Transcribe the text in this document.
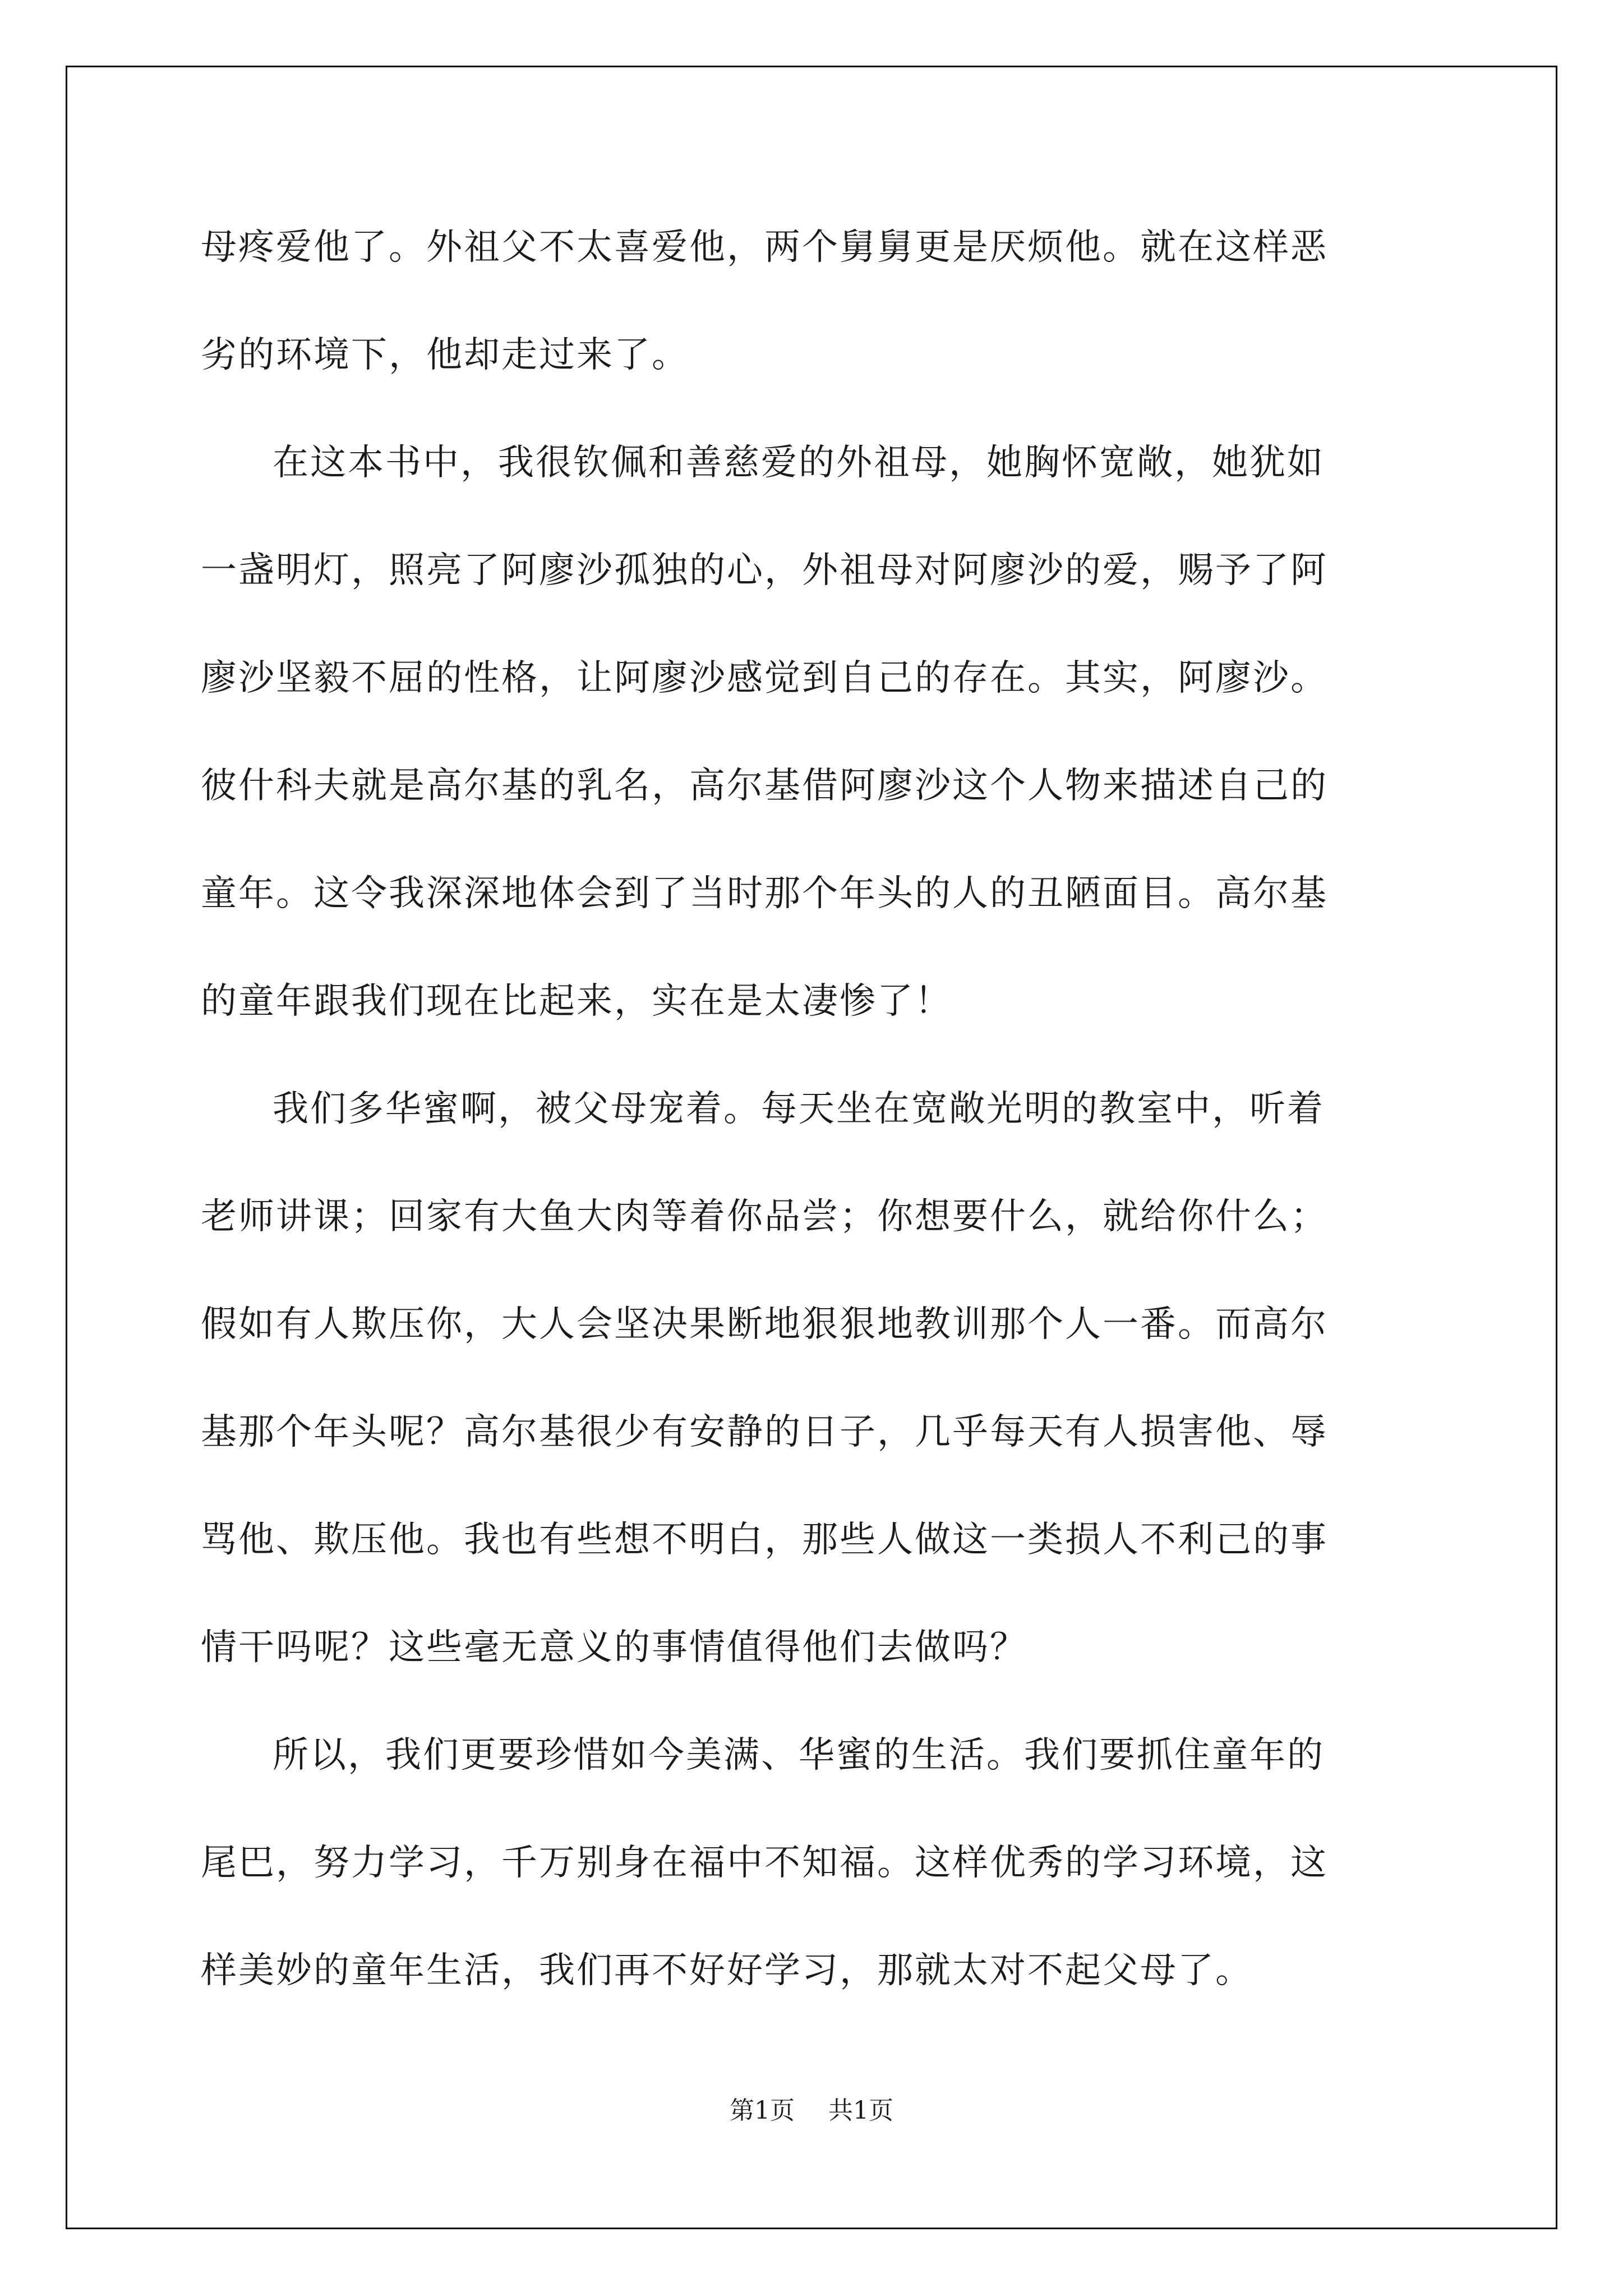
母疼爱他了。外祖父不太喜爱他，两个舅舅更是厌烦他。就在这样恶
劣的环境下，他却走过来了。
在这本书中，我很钦佩和善慈爱的外祖母，她胸怀宽敞，她犹如
一盏明灯，照亮了阿廖沙孤独的心，外祖母对阿廖沙的爱，赐予了阿
廖沙坚毅不屈的性格，让阿廖沙感觉到自己的存在。其实，阿廖沙。
彼什科夫就是高尔基的乳名，高尔基借阿廖沙这个人物来描述自己的
童年。这令我深深地体会到了当时那个年头的人的丑陋面目。高尔基
的童年跟我们现在比起来，实在是太凄惨了！
我们多华蜜啊，被父母宠着。每天坐在宽敞光明的教室中，听着
老师讲课；回家有大鱼大肉等着你品尝；你想要什么，就给你什么；
假如有人欺压你，大人会坚决果断地狠狠地教训那个人一番。而高尔
基那个年头呢？高尔基很少有安静的日子，几乎每天有人损害他、辱
骂他、欺压他。我也有些想不明白，那些人做这一类损人不利己的事
情干吗呢？这些毫无意义的事情值得他们去做吗？
所以，我们更要珍惜如今美满、华蜜的生活。我们要抓住童年的
尾巴，努力学习，千万别身在福中不知福。这样优秀的学习环境，这
样美妙的童年生活，我们再不好好学习，那就太对不起父母了。
第1页 共1页
